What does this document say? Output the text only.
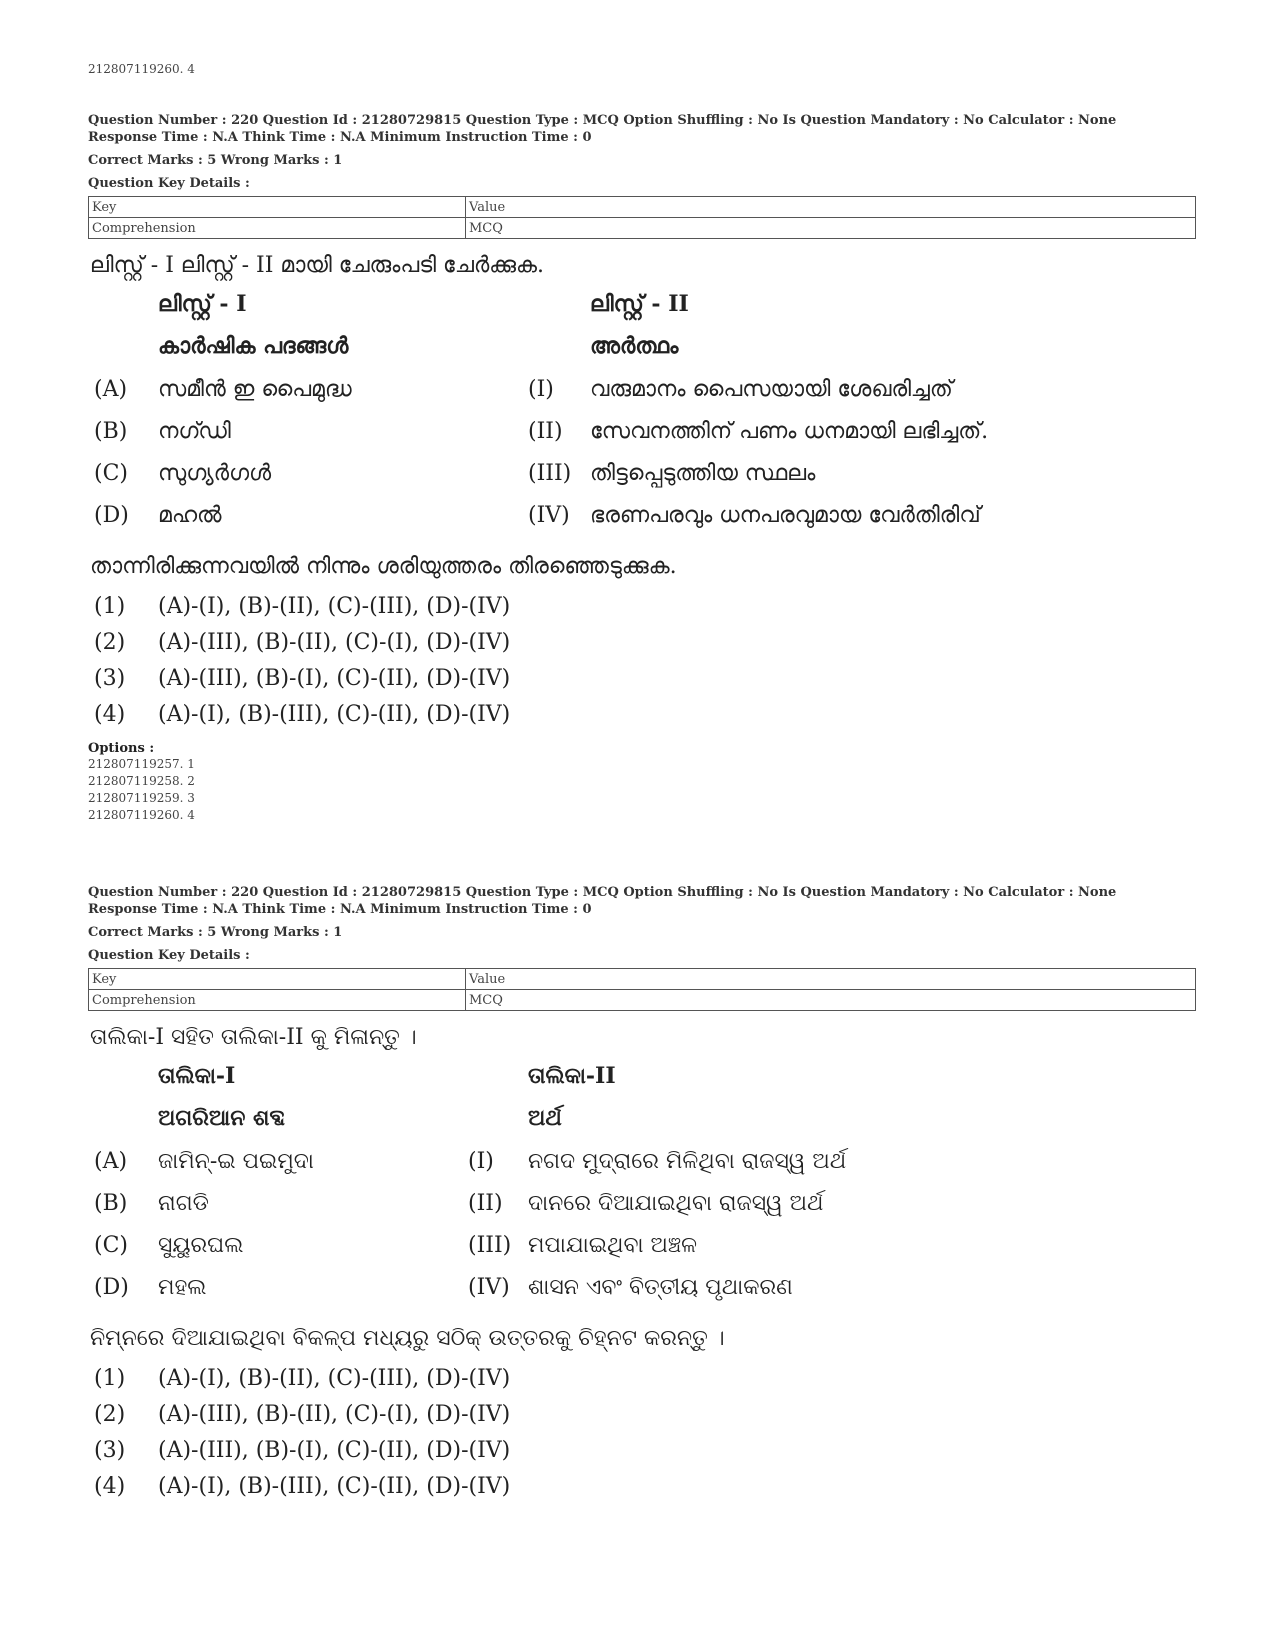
212807119260. 4
Question Number : 220 Question Id : 21280729815 Question Type : MCQ Option Shuffling : No Is Question Mandatory : No Calculator : None
Response Time : N.A Think Time : N.A Minimum Instruction Time : 0
Correct Marks : 5 Wrong Marks : 1
Question Key Details :
Key	Value
Comprehension	MCQ
ലിസ്റ്റ് - I ലിസ്റ്റ് - II മായി ചേരുംപടി ചേർക്കുക.
ലിസ്റ്റ് - I	ലിസ്റ്റ് - II
കാർഷിക പദങ്ങൾ	അർത്ഥം
(A) സമീൻ ഇ പൈമുദ്ധ	(I) വരുമാനം പൈസയായി ശേഖരിച്ചത്
(B) നഗ്ഡി	(II) സേവനത്തിന് പണം ധനമായി ലഭിച്ചത്.
(C) സുഗ്യർഗൾ	(III) തിട്ടപ്പെടുത്തിയ സ്ഥലം
(D) മഹൽ	(IV) ഭരണപരവും ധനപരവുമായ വേർതിരിവ്
താന്നിരിക്കുന്നവയിൽ നിന്നും ശരിയുത്തരം തിരഞ്ഞെടുക്കുക.
(1) (A)-(I), (B)-(II), (C)-(III), (D)-(IV)
(2) (A)-(III), (B)-(II), (C)-(I), (D)-(IV)
(3) (A)-(III), (B)-(I), (C)-(II), (D)-(IV)
(4) (A)-(I), (B)-(III), (C)-(II), (D)-(IV)
Options :
212807119257. 1
212807119258. 2
212807119259. 3
212807119260. 4
Question Number : 220 Question Id : 21280729815 Question Type : MCQ Option Shuffling : No Is Question Mandatory : No Calculator : None
Response Time : N.A Think Time : N.A Minimum Instruction Time : 0
Correct Marks : 5 Wrong Marks : 1
Question Key Details :
Key	Value
Comprehension	MCQ
ତାଲିକା-I ସହିତ ତାଲିକା-II କୁ ମିଳାନ୍ତୁ ।
ତାଲିକା-I	ତାଲିକା-II
ଅଗରିଆନ ଶବ୍ଦ	ଅର୍ଥ
(A) ଜାମିନ୍-ଇ ପଇମୁଦା	(I) ନଗଦ ମୁଦ୍ରାରେ ମିଳିଥିବା ରାଜସ୍ୱ ଅର୍ଥ
(B) ନାଗଡି	(II) ଦାନରେ ଦିଆଯାଇଥିବା ରାଜସ୍ୱ ଅର୍ଥ
(C) ସୁୟୁରଘଲ	(III) ମପାଯାଇଥିବା ଅଞ୍ଚଳ
(D) ମହଲ	(IV) ଶାସନ ଏବଂ ବିତ୍ତୀୟ ପୃଥାକରଣ
ନିମ୍ନରେ ଦିଆଯାଇଥିବା ବିକଳ୍ପ ମଧ୍ୟରୁ ସଠିକ୍ ଉତ୍ତରକୁ ଚିହ୍ନଟ କରନ୍ତୁ ।
(1) (A)-(I), (B)-(II), (C)-(III), (D)-(IV)
(2) (A)-(III), (B)-(II), (C)-(I), (D)-(IV)
(3) (A)-(III), (B)-(I), (C)-(II), (D)-(IV)
(4) (A)-(I), (B)-(III), (C)-(II), (D)-(IV)
